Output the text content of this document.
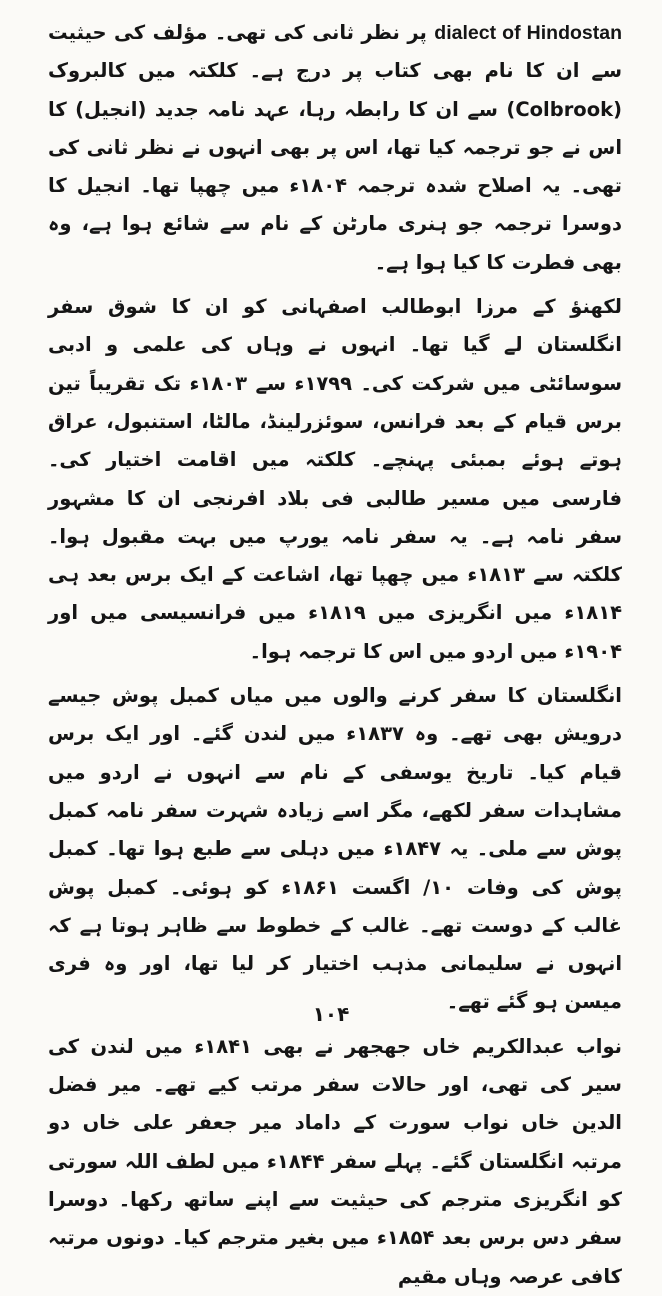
dialect of Hindostan پر نظر ثانی کی تھی۔ مؤلف کی حیثیت سے ان کا نام بھی کتاب پر درج ہے۔ کلکتہ میں کالبروک (Colbrook) سے ان کا رابطہ رہا، عہد نامہ جدید (انجیل) کا اس نے جو ترجمہ کیا تھا، اس پر بھی انہوں نے نظر ثانی کی تھی۔ یہ اصلاح شدہ ترجمہ ۱۸۰۴ء میں چھپا تھا۔ انجیل کا دوسرا ترجمہ جو ہنری مارٹن کے نام سے شائع ہوا ہے، وہ بھی فطرت کا کیا ہوا ہے۔

لکھنؤ کے مرزا ابوطالب اصفہانی کو ان کا شوق سفر انگلستان لے گیا تھا۔ انہوں نے وہاں کی علمی و ادبی سوسائٹی میں شرکت کی۔ ۱۷۹۹ء سے ۱۸۰۳ء تک تقریباً تین برس قیام کے بعد فرانس، سوئزرلینڈ، مالٹا، استنبول، عراق ہوتے ہوئے بمبئی پہنچے۔ کلکتہ میں اقامت اختیار کی۔ فارسی میں مسیر طالبی فی بلاد افرنجی ان کا مشہور سفر نامہ ہے۔ یہ سفر نامہ یورپ میں بہت مقبول ہوا۔ کلکتہ سے ۱۸۱۳ء میں چھپا تھا، اشاعت کے ایک برس بعد ہی ۱۸۱۴ء میں انگریزی میں ۱۸۱۹ء میں فرانسیسی میں اور ۱۹۰۴ء میں اردو میں اس کا ترجمہ ہوا۔

انگلستان کا سفر کرنے والوں میں میاں کمبل پوش جیسے درویش بھی تھے۔ وہ ۱۸۳۷ء میں لندن گئے۔ اور ایک برس قیام کیا۔ تاریخ یوسفی کے نام سے انہوں نے اردو میں مشاہدات سفر لکھے، مگر اسے زیادہ شہرت سفر نامہ کمبل پوش سے ملی۔ یہ ۱۸۴۷ء میں دہلی سے طبع ہوا تھا۔ کمبل پوش کی وفات ۱۰/ اگست ۱۸۶۱ء کو ہوئی۔ کمبل پوش غالب کے دوست تھے۔ غالب کے خطوط سے ظاہر ہوتا ہے کہ انہوں نے سلیمانی مذہب اختیار کر لیا تھا، اور وہ فری میسن ہو گئے تھے۔

نواب عبدالکریم خاں جھجھر نے بھی ۱۸۴۱ء میں لندن کی سیر کی تھی، اور حالات سفر مرتب کیے تھے۔ میر فضل الدین خاں نواب سورت کے داماد میر جعفر علی خاں دو مرتبہ انگلستان گئے۔ پہلے سفر ۱۸۴۴ء میں لطف اللہ سورتی کو انگریزی مترجم کی حیثیت سے اپنے ساتھ رکھا۔ دوسرا سفر دس برس بعد ۱۸۵۴ء میں بغیر مترجم کیا۔ دونوں مرتبہ کافی عرصہ وہاں مقیم

۱۰۴
